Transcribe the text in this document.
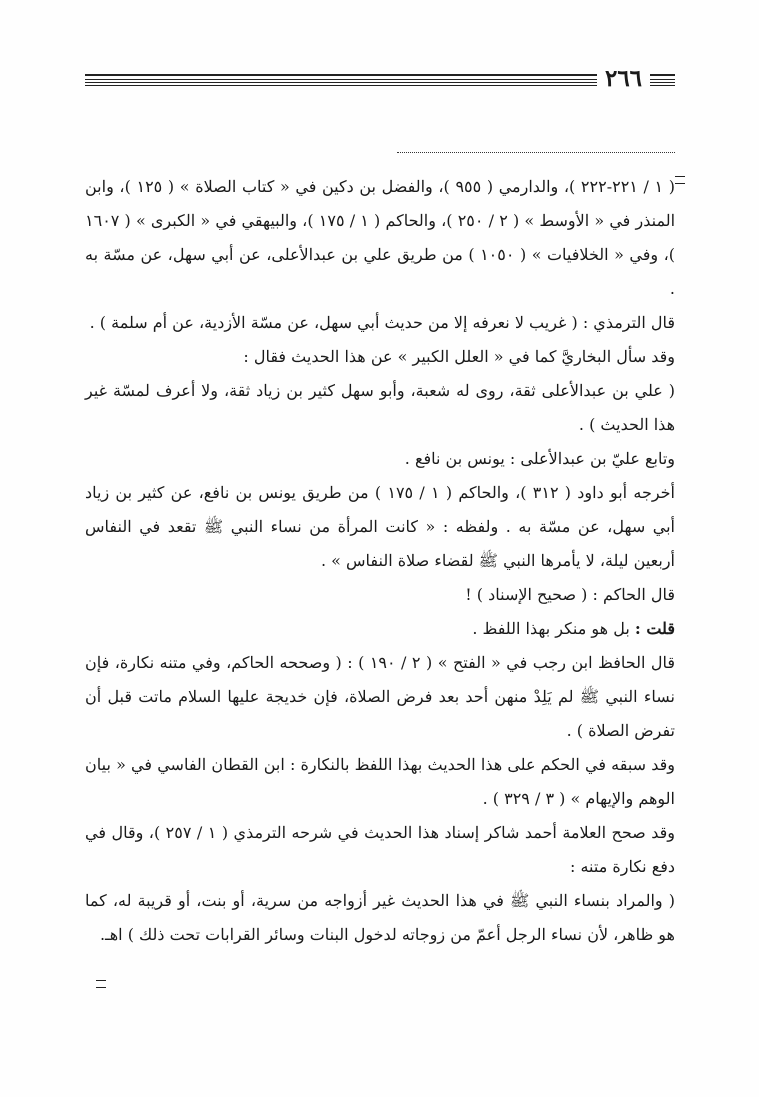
٢٦٦

( ١ / ٢٢١-٢٢٢ )، والدارمي ( ٩٥٥ )، والفضل بن دكين في « كتاب الصلاة » ( ١٢٥ )، وابن المنذر في « الأوسط » ( ٢ / ٢٥٠ )، والحاكم ( ١ / ١٧٥ )، والبيهقي في « الكبرى » ( ١٦٠٧ )، وفي « الخلافيات » ( ١٠٥٠ ) من طريق علي بن عبدالأعلى، عن أبي سهل، عن مسّة به .

قال الترمذي : ( غريب لا نعرفه إلا من حديث أبي سهل، عن مسّة الأزدية، عن أم سلمة ) .

وقد سأل البخاريَّ كما في « العلل الكبير » عن هذا الحديث فقال :

( علي بن عبدالأعلى ثقة، روى له شعبة، وأبو سهل كثير بن زياد ثقة، ولا أعرف لمسّة غير هذا الحديث ) .

وتابع عليّ بن عبدالأعلى : يونس بن نافع .

أخرجه أبو داود ( ٣١٢ )، والحاكم ( ١ / ١٧٥ ) من طريق يونس بن نافع، عن كثير بن زياد أبي سهل، عن مسّة به . ولفظه : « كانت المرأة من نساء النبي ﷺ تقعد في النفاس أربعين ليلة، لا يأمرها النبي ﷺ لقضاء صلاة النفاس » .

قال الحاكم : ( صحيح الإسناد ) !

قلت : بل هو منكر بهذا اللفظ .

قال الحافظ ابن رجب في « الفتح » ( ٢ / ١٩٠ ) : ( وصححه الحاكم، وفي متنه نكارة، فإن نساء النبي ﷺ لم يَلِدْ منهن أحد بعد فرض الصلاة، فإن خديجة عليها السلام ماتت قبل أن تفرض الصلاة ) .

وقد سبقه في الحكم على هذا الحديث بهذا اللفظ بالنكارة : ابن القطان الفاسي في « بيان الوهم والإيهام » ( ٣ / ٣٢٩ ) .

وقد صحح العلامة أحمد شاكر إسناد هذا الحديث في شرحه الترمذي ( ١ / ٢٥٧ )، وقال في دفع نكارة متنه :

( والمراد بنساء النبي ﷺ في هذا الحديث غير أزواجه من سرية، أو بنت، أو قريبة له، كما هو ظاهر، لأن نساء الرجل أعمّ من زوجاته لدخول البنات وسائر القرابات تحت ذلك ) اهـ.
